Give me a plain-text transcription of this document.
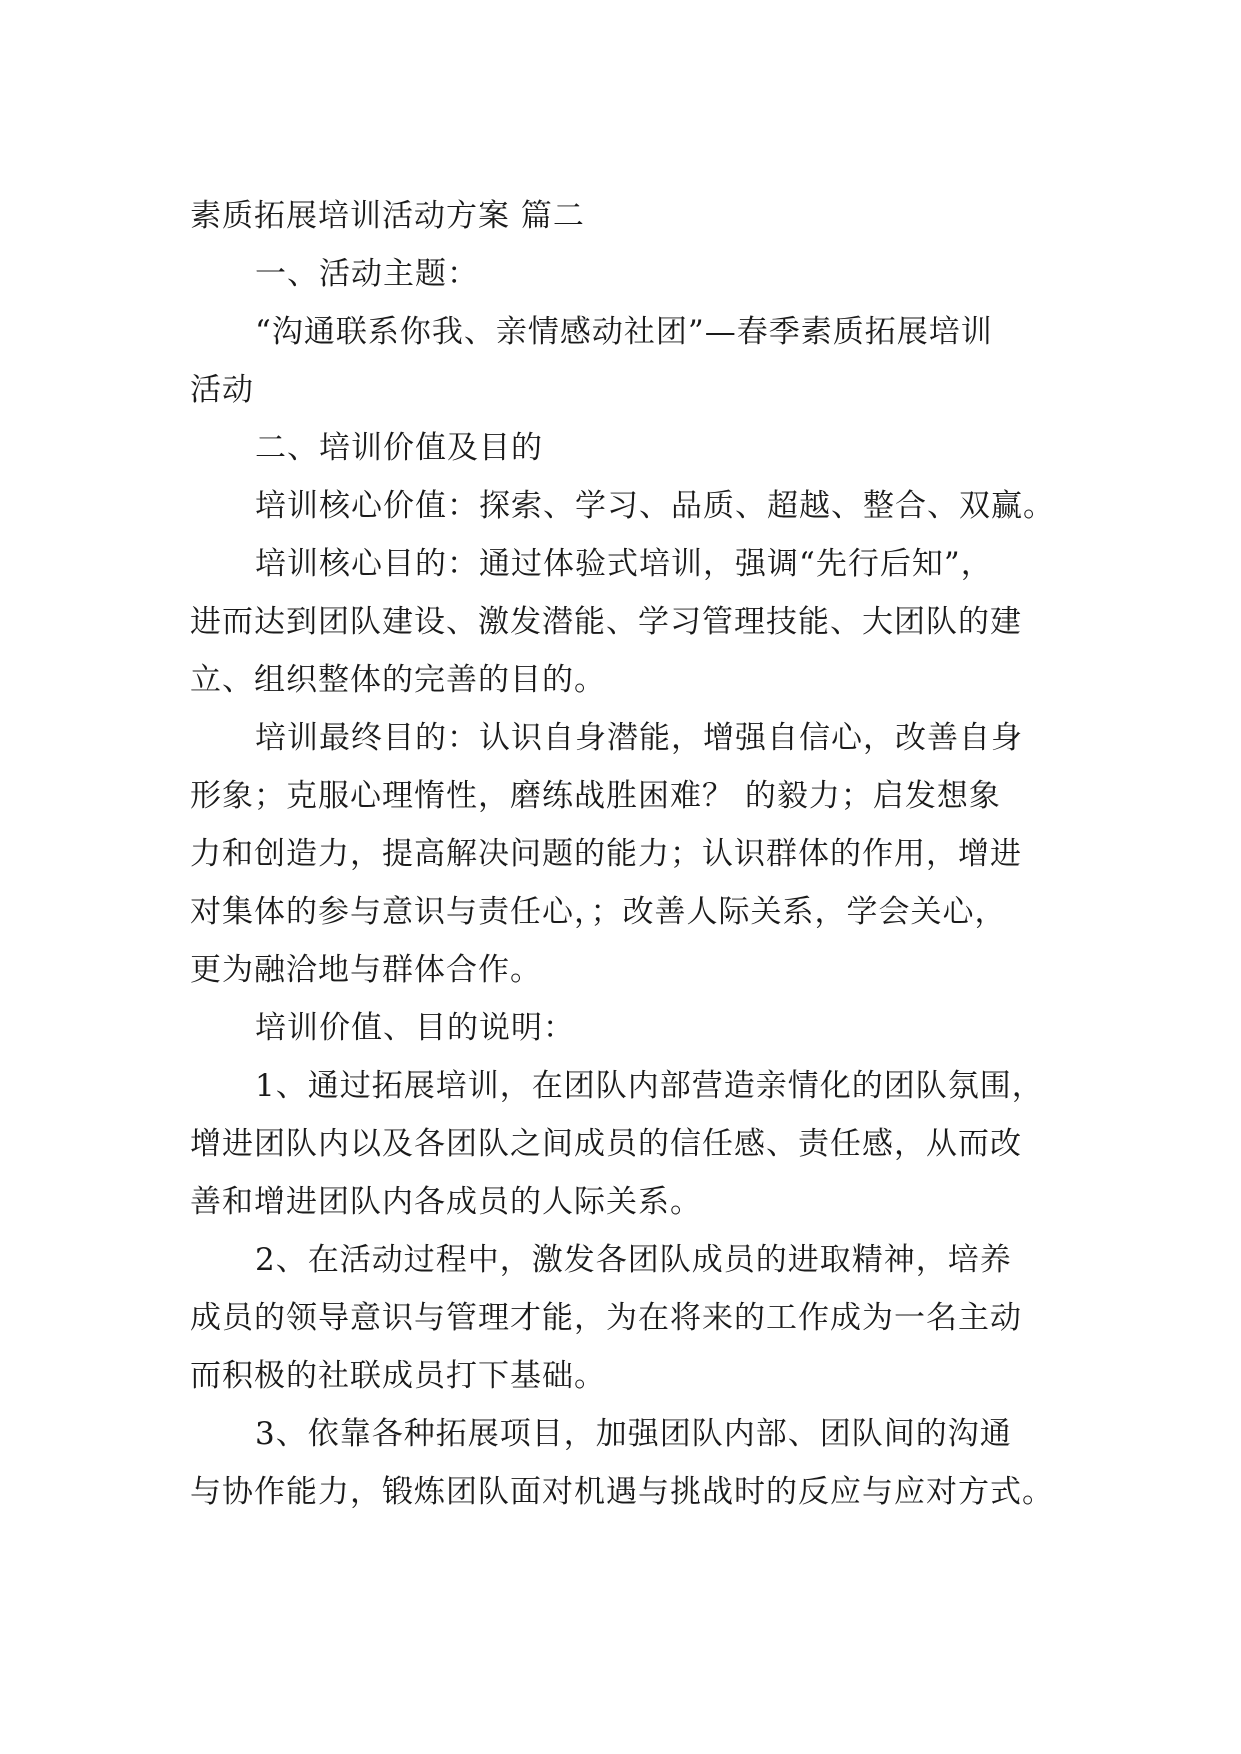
素质拓展培训活动方案 篇二
一、活动主题：
“沟通联系你我、亲情感动社团”—春季素质拓展培训
活动
二、培训价值及目的
培训核心价值：探索、学习、品质、超越、整合、双赢。
培训核心目的：通过体验式培训，强调“先行后知”，
进而达到团队建设、激发潜能、学习管理技能、大团队的建
立、组织整体的完善的目的。
培训最终目的：认识自身潜能，增强自信心，改善自身
形象；克服心理惰性，磨练战胜困难？ 的毅力；启发想象
力和创造力，提高解决问题的能力；认识群体的作用，增进
对集体的参与意识与责任心，；改善人际关系，学会关心，
更为融洽地与群体合作。
培训价值、目的说明：
1、通过拓展培训，在团队内部营造亲情化的团队氛围，
增进团队内以及各团队之间成员的信任感、责任感，从而改
善和增进团队内各成员的人际关系。
2、在活动过程中，激发各团队成员的进取精神，培养
成员的领导意识与管理才能，为在将来的工作成为一名主动
而积极的社联成员打下基础。
3、依靠各种拓展项目，加强团队内部、团队间的沟通
与协作能力，锻炼团队面对机遇与挑战时的反应与应对方式。
